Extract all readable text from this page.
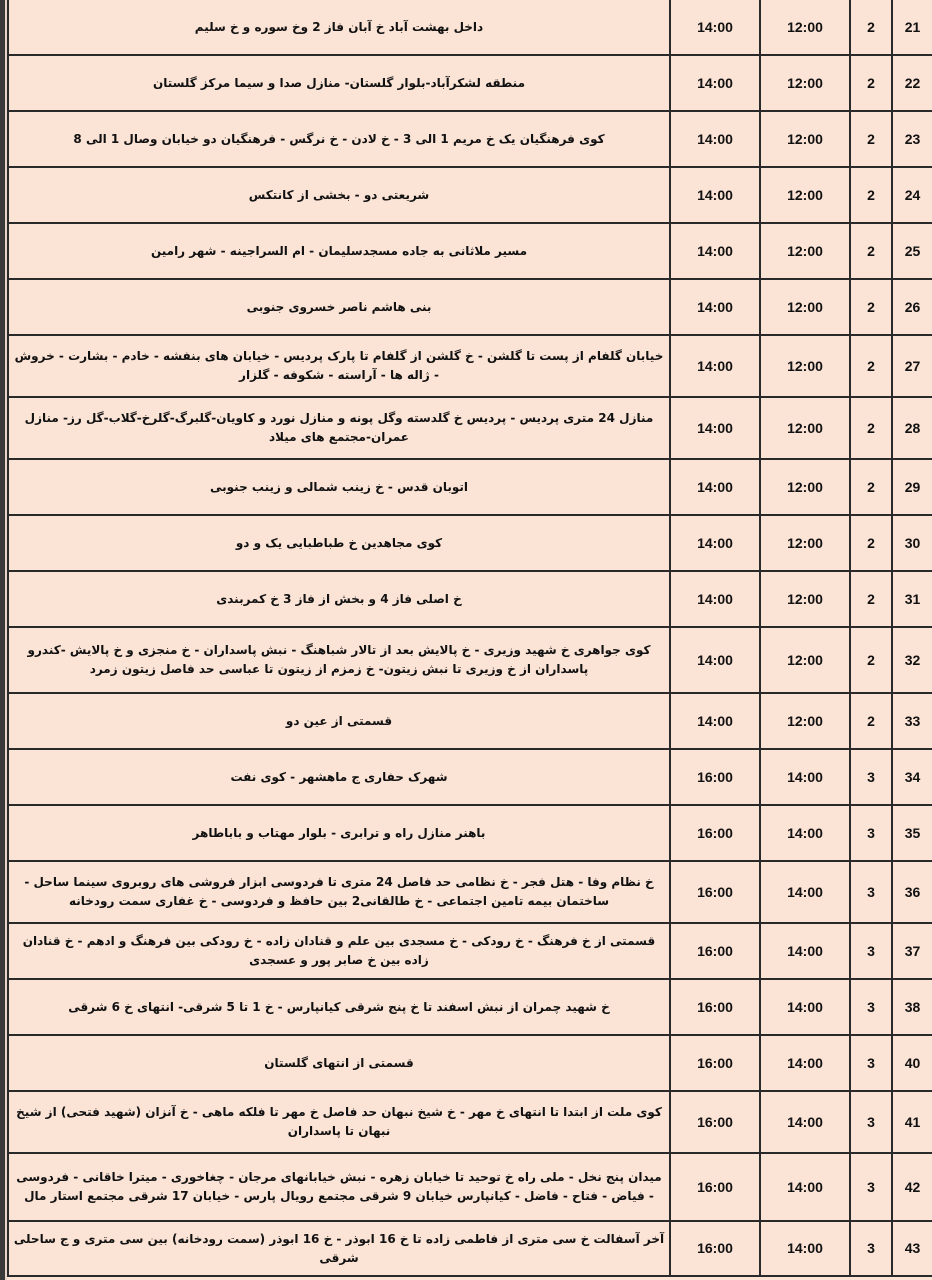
21	2	12:00	14:00	داخل بهشت آباد خ آبان فاز 2 وخ سوره و خ سلیم
22	2	12:00	14:00	منطقه لشکرآباد-بلوار گلستان- منازل صدا و سیما مرکز گلستان
23	2	12:00	14:00	کوی فرهنگیان یک خ مریم 1 الی 3 - خ لادن - خ نرگس - فرهنگیان دو خیابان وصال 1 الی 8
24	2	12:00	14:00	شریعتی دو - بخشی از کانتکس
25	2	12:00	14:00	مسیر ملاثانی به جاده مسجدسلیمان - ام السراجینه - شهر رامین
26	2	12:00	14:00	بنی هاشم ناصر خسروی جنوبی
27	2	12:00	14:00	خیابان گلفام از پست تا گلشن - خ گلشن از گلفام تا پارک پردیس - خیابان های بنفشه - خادم - بشارت - خروش - ژاله ها - آراسته - شکوفه - گلزار
28	2	12:00	14:00	منازل 24 متری پردیس - پردیس خ گلدسته وگل پونه و منازل نورد و کاویان-گلبرگ-گلرخ-گلاب-گل رز- منازل عمران-مجتمع های میلاد
29	2	12:00	14:00	اتوبان قدس - خ زینب شمالی و زینب جنوبی
30	2	12:00	14:00	کوی مجاهدین خ طباطبایی یک و دو
31	2	12:00	14:00	خ اصلی فاز 4 و بخش از فاز 3 خ کمربندی
32	2	12:00	14:00	کوی جواهری خ شهید وزیری - خ پالایش بعد از تالار شباهنگ - نبش پاسداران - خ منجزی و خ پالایش -کندرو پاسداران از خ وزیری تا نبش زیتون- خ زمزم از زیتون تا عباسی حد فاصل زیتون زمرد
33	2	12:00	14:00	قسمتی از عین دو
34	3	14:00	16:00	شهرک حفاری ج ماهشهر - کوی نفت
35	3	14:00	16:00	باهنر منازل راه و ترابری - بلوار مهتاب و باباطاهر
36	3	14:00	16:00	خ نظام وفا - هتل فجر - خ نظامی حد فاصل 24 متری تا فردوسی ابزار فروشی های روبروی سینما ساحل - ساختمان بیمه تامین اجتماعی - خ طالقانی2 بین حافظ و فردوسی - خ غفاری سمت رودخانه
37	3	14:00	16:00	قسمتی از خ فرهنگ - خ رودکی - خ مسجدی بین علم و قنادان زاده - خ رودکی بین فرهنگ و ادهم - خ قنادان زاده بین خ صابر پور و عسجدی
38	3	14:00	16:00	خ شهید چمران از نبش اسفند تا خ پنج شرقی کیانپارس - خ 1 تا 5 شرقی- انتهای خ 6 شرقی
40	3	14:00	16:00	قسمتی از انتهای گلستان
41	3	14:00	16:00	کوی ملت از ابتدا تا انتهای خ مهر - خ شیخ نبهان حد فاصل خ مهر تا فلکه ماهی - خ آنزان (شهید فتحی) از شیخ نبهان تا پاسداران
42	3	14:00	16:00	میدان پنج نخل - ملی راه خ توحید تا خیابان زهره - نبش خیابانهای مرجان - چغاخوری - میترا خاقانی - فردوسی - فیاض - فتاح - فاضل - کیانپارس خیابان 9 شرقی مجتمع رویال پارس - خیابان 17 شرقی مجتمع استار مال
43	3	14:00	16:00	آخر آسفالت خ سی متری از فاطمی زاده تا خ 16 ابوذر - خ 16 ابوذر (سمت رودخانه) بین سی متری و ج ساحلی شرقی
